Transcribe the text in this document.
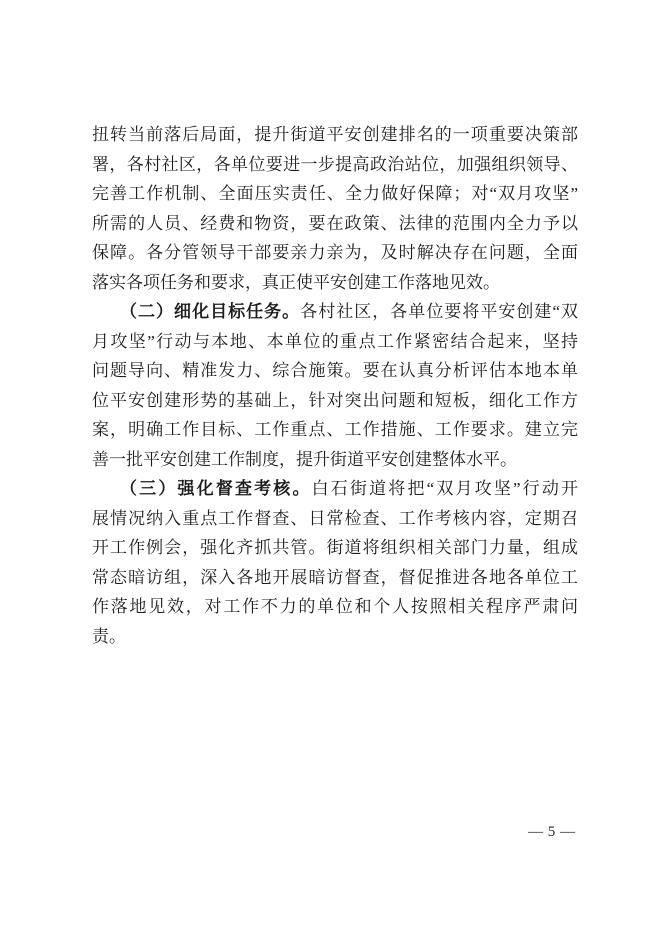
扭转当前落后局面，提升街道平安创建排名的一项重要决策部
署，各村社区，各单位要进一步提高政治站位，加强组织领导、
完善工作机制、全面压实责任、全力做好保障；对“双月攻坚”
所需的人员、经费和物资，要在政策、法律的范围内全力予以
保障。各分管领导干部要亲力亲为，及时解决存在问题，全面
落实各项任务和要求，真正使平安创建工作落地见效。
（二）细化目标任务。各村社区，各单位要将平安创建“双
月攻坚”行动与本地、本单位的重点工作紧密结合起来，坚持
问题导向、精准发力、综合施策。要在认真分析评估本地本单
位平安创建形势的基础上，针对突出问题和短板，细化工作方
案，明确工作目标、工作重点、工作措施、工作要求。建立完
善一批平安创建工作制度，提升街道平安创建整体水平。
（三）强化督查考核。白石街道将把“双月攻坚”行动开
展情况纳入重点工作督查、日常检查、工作考核内容，定期召
开工作例会，强化齐抓共管。街道将组织相关部门力量，组成
常态暗访组，深入各地开展暗访督查，督促推进各地各单位工
作落地见效，对工作不力的单位和个人按照相关程序严肃问
责。
— 5 —
